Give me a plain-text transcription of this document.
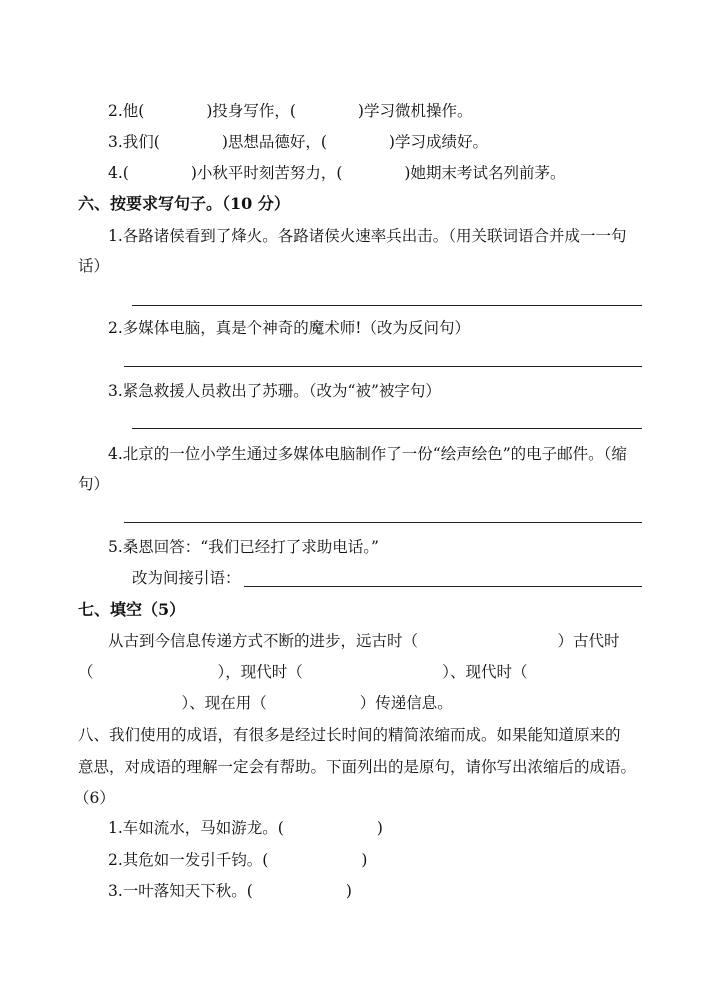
2.他(　　　　)投身写作，(　　　　)学习微机操作。
3.我们(　　　　)思想品德好，(　　　　)学习成绩好。
4.(　　　　)小秋平时刻苦努力，(　　　　)她期末考试名列前茅。
六、按要求写句子。（10 分）
1.各路诸侯看到了烽火。各路诸侯火速率兵出击。（用关联词语合并成一一句
话）
2.多媒体电脑，真是个神奇的魔术师!（改为反问句）
3.紧急救援人员救出了苏珊。（改为“被”被字句）
4.北京的一位小学生通过多媒体电脑制作了一份“绘声绘色”的电子邮件。（缩
句）
5.桑恩回答：“我们已经打了求助电话。”
改为间接引语：
七、填空（5）
从古到今信息传递方式不断的进步，远古时（　　　　　　　　　）古代时
（　　　　　　　　），现代时（　　　　　　　　　）、现代时（
　　　　　）、现在用（　　　　　　）传递信息。
八、我们使用的成语，有很多是经过长时间的精简浓缩而成。如果能知道原来的
意思，对成语的理解一定会有帮助。下面列出的是原句，请你写出浓缩后的成语。
（6）
1.车如流水，马如游龙。(　　　　　　)
2.其危如一发引千钧。(　　　　　　)
3.一叶落知天下秋。(　　　　　　)
